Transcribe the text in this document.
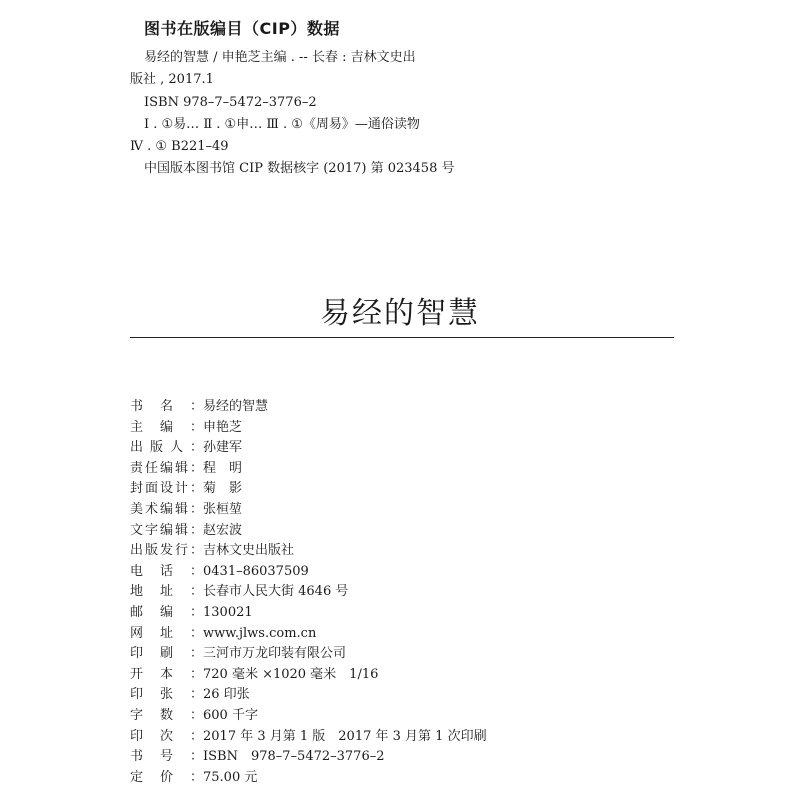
图书在版编目（CIP）数据
易经的智慧 / 申艳芝主编 . -- 长春 : 吉林文史出
版社 , 2017.1
ISBN 978–7–5472–3776–2
Ⅰ . ①易… Ⅱ . ①申… Ⅲ . ①《周易》—通俗读物
Ⅳ . ① B221–49
中国版本图书馆 CIP 数据核字 (2017) 第 023458 号
易经的智慧
书 名 ： 易经的智慧
主 编 ： 申艳芝
出 版 人 ： 孙建军
责 任 编 辑 ： 程　明
封 面 设 计 ： 菊　影
美 术 编 辑 ： 张桓堃
文 字 编 辑 ： 赵宏波
出 版 发 行 ： 吉林文史出版社
电 话 ： 0431–86037509
地 址 ： 长春市人民大街 4646 号
邮 编 ： 130021
网 址 ： www.jlws.com.cn
印 刷 ： 三河市万龙印装有限公司
开 本 ： 720 毫米 ×1020 毫米　1/16
印 张 ： 26 印张
字 数 ： 600 千字
印 次 ： 2017 年 3 月第 1 版　2017 年 3 月第 1 次印刷
书 号 ： ISBN　978–7–5472–3776–2
定 价 ： 75.00 元
